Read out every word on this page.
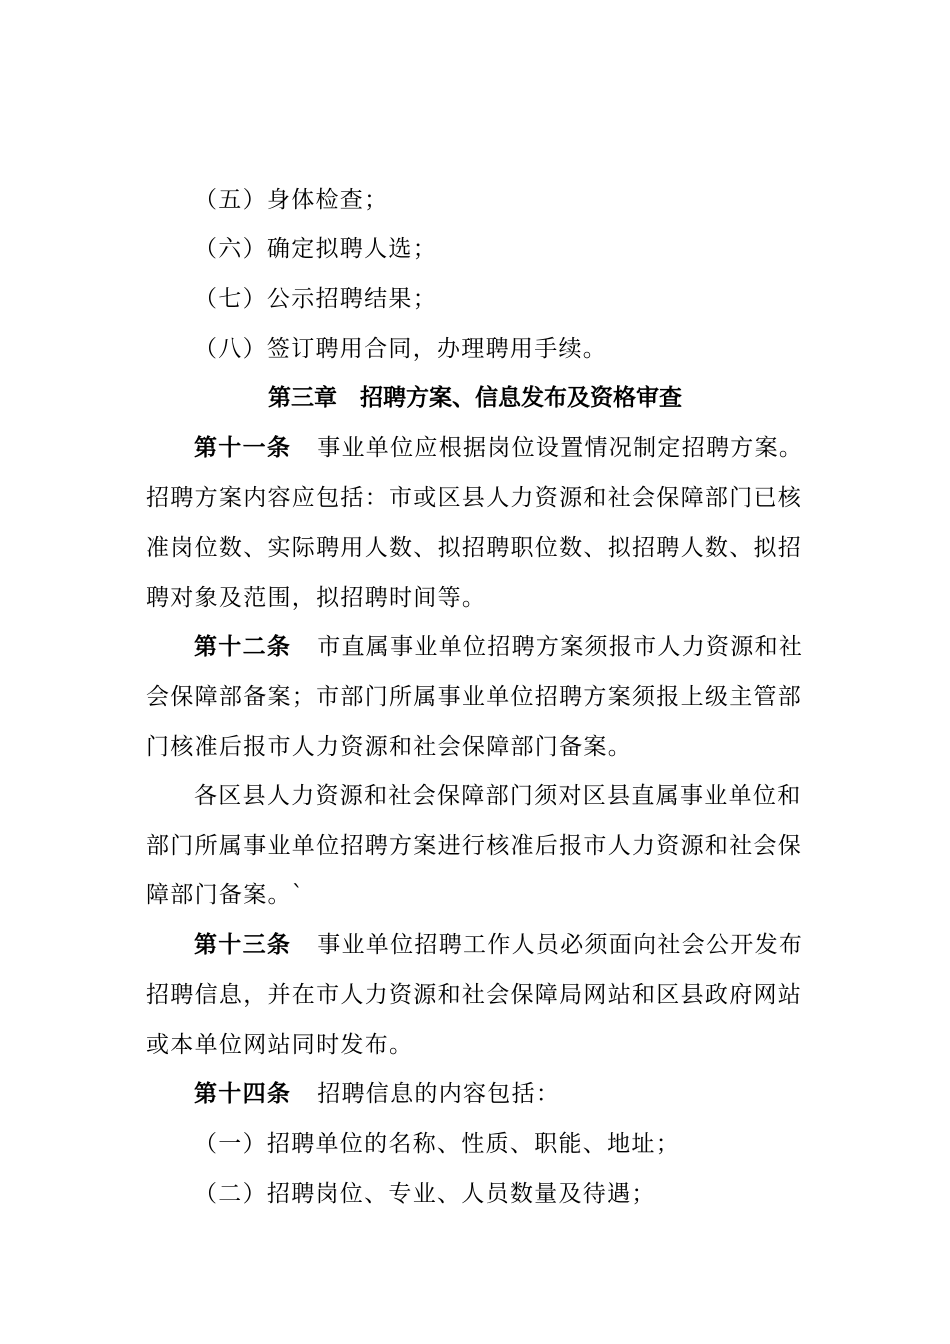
（五）身体检查；
（六）确定拟聘人选；
（七）公示招聘结果；
（八）签订聘用合同，办理聘用手续。
第三章　招聘方案、信息发布及资格审查
第十一条 事业单位应根据岗位设置情况制定招聘方案。
招聘方案内容应包括：市或区县人力资源和社会保障部门已核
准岗位数、实际聘用人数、拟招聘职位数、拟招聘人数、拟招
聘对象及范围，拟招聘时间等。
第十二条 市直属事业单位招聘方案须报市人力资源和社
会保障部备案；市部门所属事业单位招聘方案须报上级主管部
门核准后报市人力资源和社会保障部门备案。
各区县人力资源和社会保障部门须对区县直属事业单位和
部门所属事业单位招聘方案进行核准后报市人力资源和社会保
障部门备案。`
第十三条 事业单位招聘工作人员必须面向社会公开发布
招聘信息，并在市人力资源和社会保障局网站和区县政府网站
或本单位网站同时发布。
第十四条 招聘信息的内容包括：
（一）招聘单位的名称、性质、职能、地址；
（二）招聘岗位、专业、人员数量及待遇；
